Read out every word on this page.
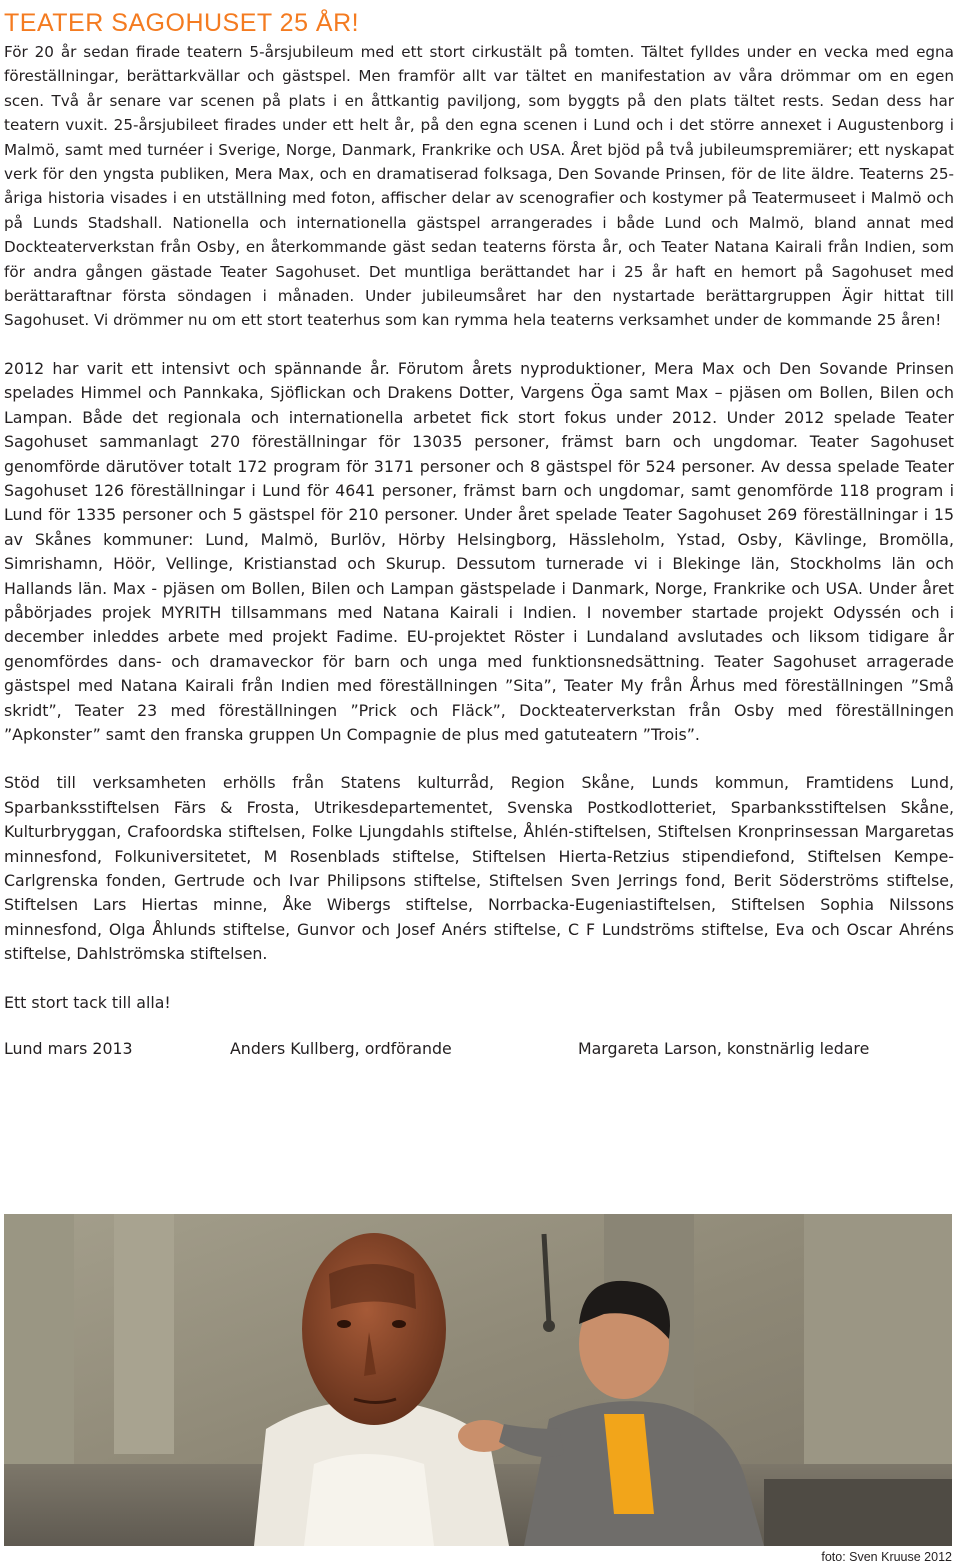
TEATER SAGOHUSET 25 ÅR!

För 20 år sedan firade teatern 5-årsjubileum med ett stort cirkustält på tomten. Tältet fylldes under en vecka med egna föreställningar, berättarkvällar och gästspel. Men framför allt var tältet en manifestation av våra drömmar om en egen scen. Två år senare var scenen på plats i en åttkantig paviljong, som byggts på den plats tältet rests. Sedan dess har teatern vuxit. 25-årsjubileet firades under ett helt år, på den egna scenen i Lund och i det större annexet i Augustenborg i Malmö, samt med turnéer i Sverige, Norge, Danmark, Frankrike och USA. Året bjöd på två jubileumspremiärer; ett nyskapat verk för den yngsta publiken, Mera Max, och en dramatiserad folksaga, Den Sovande Prinsen, för de lite äldre. Teaterns 25-åriga historia visades i en utställning med foton, affischer delar av scenografier och kostymer på Teatermuseet i Malmö och på Lunds Stadshall. Nationella och internationella gästspel arrangerades i både Lund och Malmö, bland annat med Dockteaterverkstan från Osby, en återkommande gäst sedan teaterns första år, och Teater Natana Kairali från Indien, som för andra gången gästade Teater Sagohuset. Det muntliga berättandet har i 25 år haft en hemort på Sagohuset med berättaraftnar första söndagen i månaden. Under jubileumsåret har den nystartade berättargruppen Ägir hittat till Sagohuset. Vi drömmer nu om ett stort teaterhus som kan rymma hela teaterns verksamhet under de kommande 25 åren!

2012 har varit ett intensivt och spännande år. Förutom årets nyproduktioner, Mera Max och Den Sovande Prinsen spelades Himmel och Pannkaka, Sjöflickan och Drakens Dotter, Vargens Öga samt Max – pjäsen om Bollen, Bilen och Lampan. Både det regionala och internationella arbetet fick stort fokus under 2012. Under 2012 spelade Teater Sagohuset sammanlagt 270 föreställningar för 13035 personer, främst barn och ungdomar. Teater Sagohuset genomförde därutöver totalt 172 program för 3171 personer och 8 gästspel för 524 personer. Av dessa spelade Teater Sagohuset 126 föreställningar i Lund för 4641 personer, främst barn och ungdomar, samt genomförde 118 program i Lund för 1335 personer och 5 gästspel för 210 personer. Under året spelade Teater Sagohuset 269 föreställningar i 15 av Skånes kommuner: Lund, Malmö, Burlöv, Hörby Helsingborg, Hässleholm, Ystad, Osby, Kävlinge, Bromölla, Simrishamn, Höör, Vellinge, Kristianstad och Skurup. Dessutom turnerade vi i Blekinge län, Stockholms län och Hallands län. Max - pjäsen om Bollen, Bilen och Lampan gästspelade i Danmark, Norge, Frankrike och USA. Under året påbörjades projek MYRITH tillsammans med Natana Kairali i Indien. I november startade projekt Odyssén och i december inleddes arbete med projekt Fadime. EU-projektet Röster i Lundaland avslutades och liksom tidigare år genomfördes dans- och dramaveckor för barn och unga med funktionsnedsättning. Teater Sagohuset arragerade gästspel med Natana Kairali från Indien med föreställningen ”Sita”, Teater My från Århus med föreställningen ”Små skridt”, Teater 23 med föreställningen ”Prick och Fläck”, Dockteaterverkstan från Osby med föreställningen ”Apkonster” samt den franska gruppen Un Compagnie de plus med gatuteatern ”Trois”.

Stöd till verksamheten erhölls från Statens kulturråd, Region Skåne, Lunds kommun, Framtidens Lund, Sparbanksstiftelsen Färs & Frosta, Utrikesdepartementet, Svenska Postkodlotteriet, Sparbanksstiftelsen Skåne, Kulturbryggan, Crafoordska stiftelsen, Folke Ljungdahls stiftelse, Åhlén-stiftelsen, Stiftelsen Kronprinsessan Margaretas minnesfond, Folkuniversitetet, M Rosenblads stiftelse, Stiftelsen Hierta-Retzius stipendiefond, Stiftelsen Kempe-Carlgrenska fonden, Gertrude och Ivar Philipsons stiftelse, Stiftelsen Sven Jerrings fond, Berit Söderströms stiftelse, Stiftelsen Lars Hiertas minne, Åke Wibergs stiftelse, Norrbacka-Eugeniastiftelsen, Stiftelsen Sophia Nilssons minnesfond, Olga Åhlunds stiftelse, Gunvor och Josef Anérs stiftelse, C F Lundströms stiftelse, Eva och Oscar Ahréns stiftelse, Dahlströmska stiftelsen.

Ett stort tack till alla!

Lund mars 2013	Anders Kullberg, ordförande	Margareta Larson, konstnärlig ledare
foto: Sven Kruuse 2012
